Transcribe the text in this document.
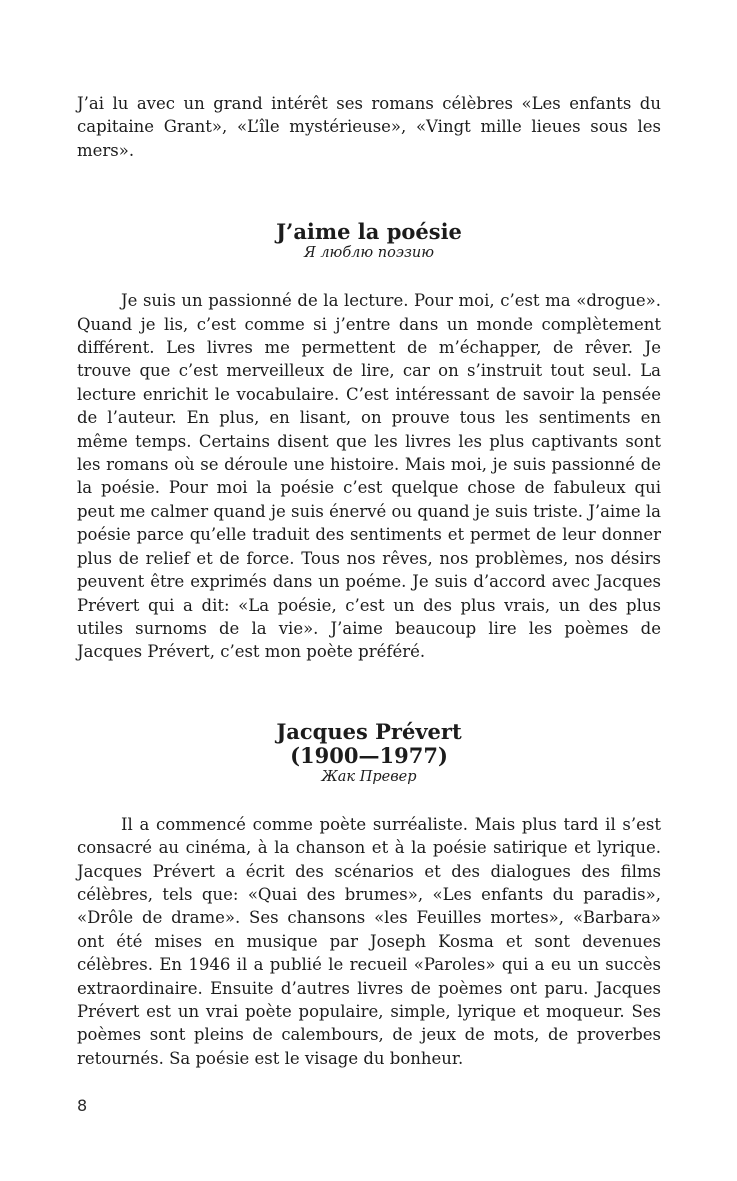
J’ai lu avec un grand intérêt ses romans célèbres «Les enfants du capitaine Grant», «L’île mystérieuse», «Vingt mille lieues sous les mers».

J’aime la poésie
Я люблю поэзию

Je suis un passionné de la lecture. Pour moi, c’est ma «drogue». Quand je lis, c’est comme si j’entre dans un monde complètement différent. Les livres me permettent de m’échapper, de rêver. Je trouve que c’est merveilleux de lire, car on s’instruit tout seul. La lecture enrichit le vocabulaire. C’est intéressant de savoir la pensée de l’auteur. En plus, en lisant, on prouve tous les sentiments en même temps. Certains disent que les livres les plus captivants sont les romans où se déroule une histoire. Mais moi, je suis passionné de la poésie. Pour moi la poésie c’est quelque chose de fabuleux qui peut me calmer quand je suis énervé ou quand je suis triste. J’aime la poésie parce qu’elle traduit des sentiments et permet de leur donner plus de relief et de force. Tous nos rêves, nos problèmes, nos désirs peuvent être exprimés dans un poéme. Je suis d’accord avec Jacques Prévert qui a dit: «La poésie, c’est un des plus vrais, un des plus utiles surnoms de la vie». J’aime beaucoup lire les poèmes de Jacques Prévert, c’est mon poète préféré.

Jacques Prévert
(1900—1977)
Жак Превер

Il a commencé comme poète surréaliste. Mais plus tard il s’est consacré au cinéma, à la chanson et à la poésie satirique et lyrique. Jacques Prévert a écrit des scénarios et des dialogues des films célèbres, tels que: «Quai des brumes», «Les enfants du paradis», «Drôle de drame». Ses chansons «les Feuilles mortes», «Barbara» ont été mises en musique par Joseph Kosma et sont devenues célèbres. En 1946 il a publié le recueil «Paroles» qui a eu un succès extraordinaire. Ensuite d’autres livres de poèmes ont paru. Jacques Prévert est un vrai poète populaire, simple, lyrique et moqueur. Ses poèmes sont pleins de calembours, de jeux de mots, de proverbes retournés. Sa poésie est le visage du bonheur.

8
